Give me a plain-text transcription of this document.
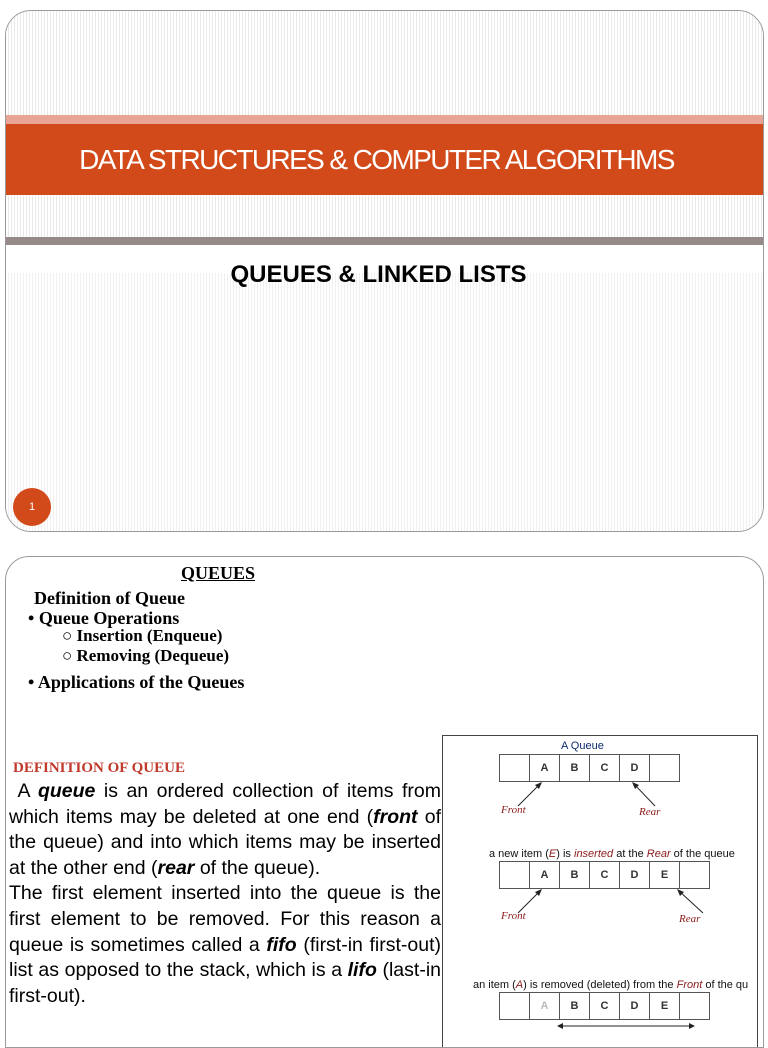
DATA STRUCTURES & COMPUTER ALGORITHMS
QUEUES & LINKED LISTS
1
QUEUES
Definition of Queue
• Queue Operations
○ Insertion (Enqueue)
○ Removing (Dequeue)
• Applications of the Queues
DEFINITION OF QUEUE

A queue is an ordered collection of items from which items may be deleted at one end (front of the queue) and into which items may be inserted at the other end (rear of the queue).

The first element inserted into the queue is the first element to be removed. For this reason a queue is sometimes called a fifo (first-in first-out) list as opposed to the stack, which is a lifo (last-in first-out).

A Queue
A	B	C	D
Front	Rear
a new item (E) is inserted at the Rear of the queue
A	B	C	D	E
Front	Rear
an item (A) is removed (deleted) from the Front of the qu
A	B	C	D	E
